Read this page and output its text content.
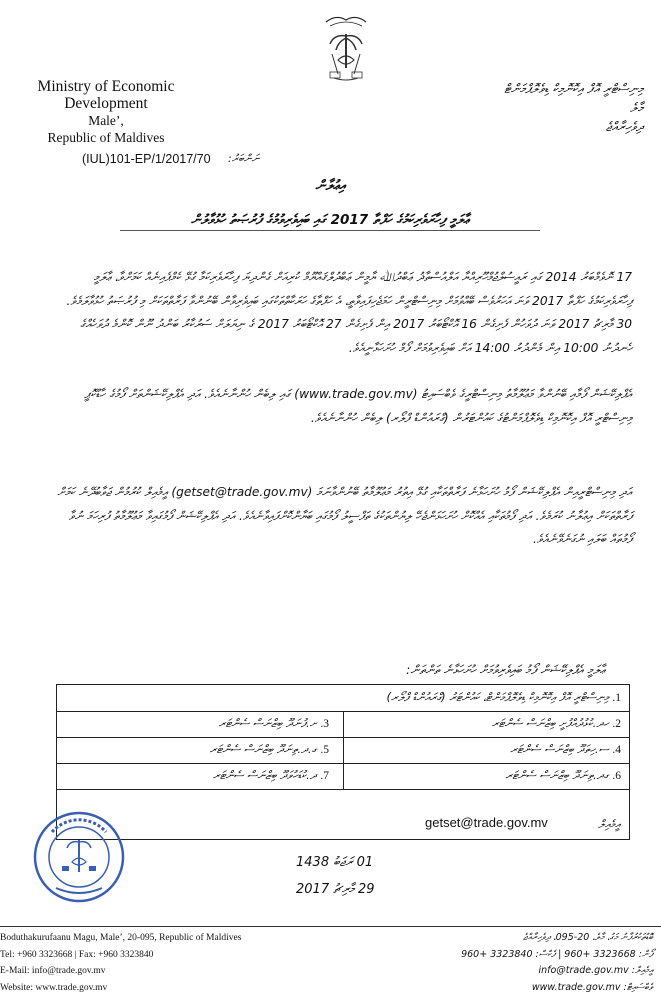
Ministry of Economic Development
Male’,
Republic of Maldives
މިނިސްޓްރީ އޮފް އިކޮނޮމިކް ޑިވެލޮޕްމަންޓް
މާލެ
ދިވެހިރާއްޖެ
(IUL)101-EP/1/2017/70 ނަންބަރު:
އިޢުލާން
ޢާލަމީ ފިހާރަވެރިކަމުގެ ހަފްތާ 2017 ގައި ބައިވެރިވުމުގެ ފުރުޞަތު ހުޅުވާލުން
17 ނޮވެމްބަރު 2014 ގައި ރައީސުލްޖުމްހޫރިއްޔާ އަލްއުސްތާޛު ޢަބްދުﷲ ޔާމީން ޢަބްދުލްޤައްޔޫމް ކުރިއަށް ގެންދިޔަ ފިހާރަވެރިކަމާ ގުޅޭ ކެމްޕެއިނެއް ކަމަށްވާ، ޢާލަމީ ފިހާރަވެރިކަމުގެ ހަފްތާ 2017 ވަނަ އަހަރުވެސް ބޭއްވުމަށް މިނިސްޓްރީން ހަމަޖެހިފައިވާތީ، އެ ހަފްތާގެ ހަރަކާތްތަކުގައި ބައިވެރިވާން ބޭނުންވާ ފަރާތްތަކަށް މި ފުރުޞަތު ހުޅުވާލަމެވެ. 30 މާރިޗު 2017 ވަނަ ދުވަހުން ފެށިގެން 16 އޮކްޓޯބަރު 2017 އިން ފެށިގެން 27 އޮކްޓޯބަރު 2017 ގެ ނިޔަލަށް ސަރުކާރު ބަންދު ނޫން ކޮންމެ ދުވަހެއްގެ ހެނދުނު 10:00 އިން މެންދުރު 14:00 އަށް ބައިވެރިވުމަށް ފޯމް ހުށަހަޅާނީއެވެ.
އެޕްލިކޭޝަން ފޯމާއި ބޭނުންވާ މަޢުލޫމާތު މިނިސްޓްރީގެ ވެބްސައިޓު (www.trade.gov.mv) ގައި ލިބެން ހުންނާނެއެވެ. އަދި އެޕްލިކޭޝަންތަށް ފޯމުގެ ހާޑްކޮޕީ މިނިސްޓްރީ އޮފް އިކޮނޮމިކް ޑިވެލޮޕްމަންޓުގެ ކައުންޓަރުން (ގްރައުންޑް ފްލޯރ) ލިބެން ހުންނާނެއެވެ.
އަދި މިނިސްޓްރީއިން އެޕްލިކޭޝަން ފޯމު ހުށަހަޅާނެ ފަރާތްތަކާއި ގުޅޭ އިތުރު މަޢުލޫމާތު ބޭނުންވާނަމަ (getset@trade.gov.mv) އީމެއިލް ކުރުމުން ޖަވާބުދޭނެ ކަމަށް ފަރާތްތަކަށް އިޢުލާނު ކުރަމެވެ. އަދި ފޯމުތަކާއި އެއްކޮށް ހުށަހަޅަންޖެހޭ ލިޔުންތަކުގެ ތަފްސީލު ފޯމުގައި ބަޔާންކޮށްފައިވާނެއެވެ. އަދި އެޕްލިކޭޝަން ފޯމުގައިވާ މަޢުލޫމާތު ފުރިހަމަ ނުވާ ފޯމުތައް ބަލައި ނުގަނެވޭނެއެވެ.
ޢާލަމީ އެޕްލިކޭޝަން ފޯމު ބައިވެރިވުމަށް ހުށަހަޅާނެ ތަންތަން:
1. މިނިސްޓްރީ އޮފް އިކޮނޮމިކް ޑިވެލޮޕްމަންޓް، ކައުންޓަރު (ގްރައުންޑް ފްލޯރ)
2. ހދ.ކުޅުދުއްފުށީ ބިޒްނަސް ސެންޓަރ
3. ށ.ފުނަދޫ ބިޒްނަސް ސެންޓަރ
4. ސ.ހިތަދޫ ބިޒްނަސް ސެންޓަރ
5. ގ.ދ.ތިނަދޫ ބިޒްނަސް ސެންޓަރ
6. ގދ.ތިނަދޫ ބިޒްނަސް ސެންޓަރ
7. ދ.ކުޑަހުވަދޫ ބިޒްނަސް ސެންޓަރ
އީމެއިލް
getset@trade.gov.mv
01 ރަޖަބު 1438
29 މާރިޗު 2017
Boduthakurufaanu Magu, Male’, 20-095, Republic of Maldives
Tel: +960 3323668 | Fax: +960 3323840
E-Mail: info@trade.gov.mv
Website: www.trade.gov.mv
ބޮޑުތަކުރުފާނު މަގު، މާލެ، 20-095، ދިވެހިރާއްޖެ
ފޯން: 3323668 +960 | ފެކްސް: 3323840 +960
އީމެއިލް: info@trade.gov.mv
ވެބްސައިޓް: www.trade.gov.mv
